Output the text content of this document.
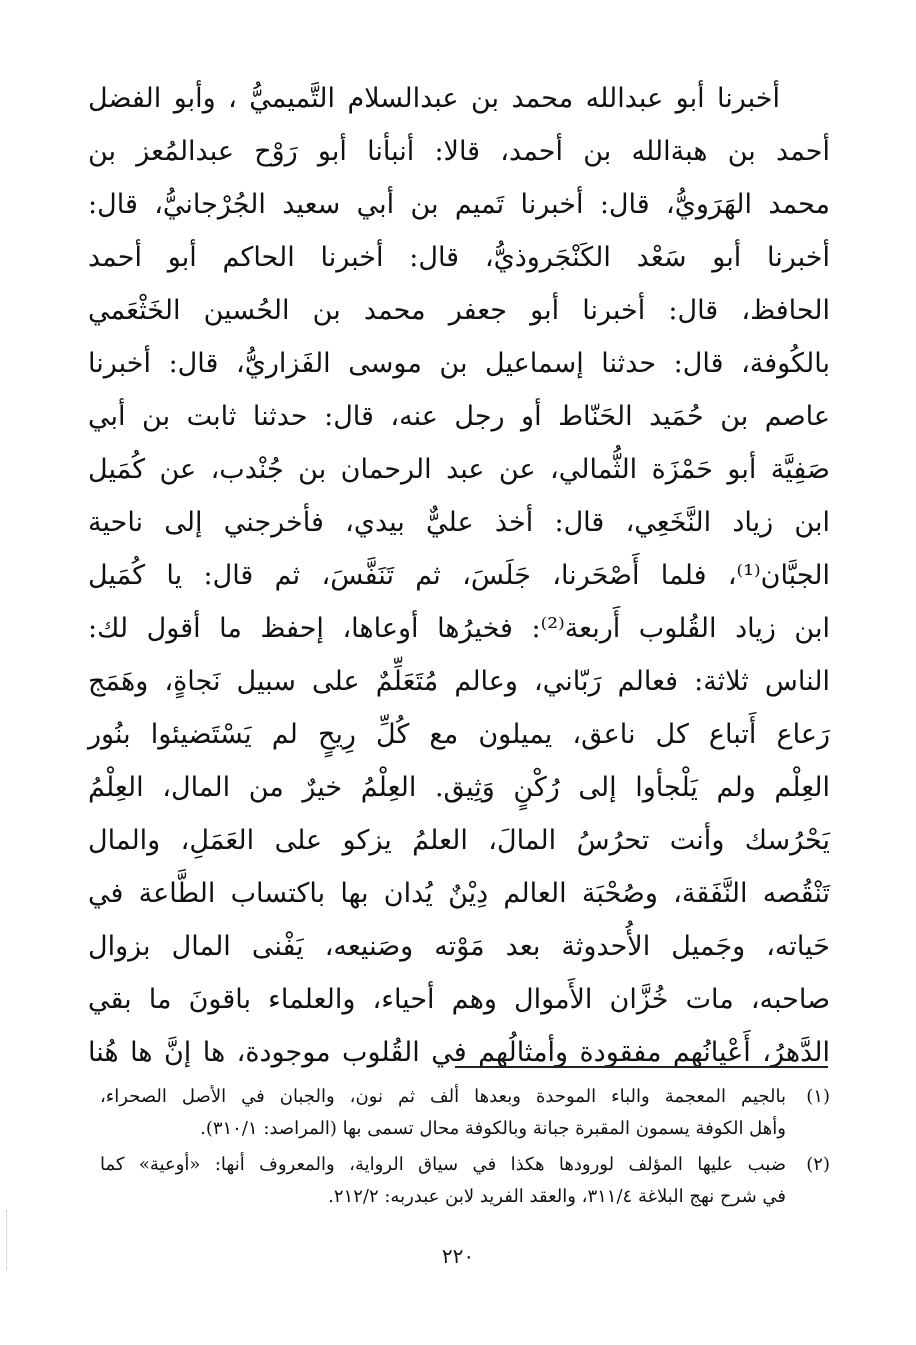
أخبرنا أبو عبدالله محمد بن عبدالسلام التَّميميُّ ، وأبو الفضل
أحمد بن هبةالله بن أحمد، قالا: أنبأنا أبو رَوْح عبدالمُعز بن
محمد الهَرَويُّ، قال: أخبرنا تَميم بن أبي سعيد الجُرْجانيُّ، قال:
أخبرنا أبو سَعْد الكَنْجَروذيُّ، قال: أخبرنا الحاكم أبو أحمد
الحافظ، قال: أخبرنا أبو جعفر محمد بن الحُسين الخَثْعَمي
بالكُوفة، قال: حدثنا إسماعيل بن موسى الفَزاريُّ، قال: أخبرنا
عاصم بن حُمَيد الحَنّاط أو رجل عنه، قال: حدثنا ثابت بن أبي
صَفِيَّة أبو حَمْزَة الثُّمالي، عن عبد الرحمان بن جُنْدب، عن كُمَيل
ابن زياد النَّخَعِي، قال: أخذ عليٌّ بيدي، فأخرجني إلى ناحية
الجبَّان⁽¹⁾، فلما أَصْحَرنا، جَلَسَ، ثم تَنَفَّسَ، ثم قال: يا كُمَيل
ابن زياد القُلوب أَربعة⁽²⁾: فخيرُها أوعاها، إحفظ ما أقول لك:
الناس ثلاثة: فعالم رَبّاني، وعالم مُتَعَلِّمٌ على سبيل نَجاةٍ، وهَمَج
رَعاع أَتباع كل ناعق، يميلون مع كُلِّ رِيحٍ لم يَسْتَضيئوا بنُور
العِلْم ولم يَلْجأوا إلى رُكْنٍ وَثِيق. العِلْمُ خيرٌ من المال، العِلْمُ
يَحْرُسك وأنت تحرُسُ المالَ، العلمُ يزكو على العَمَلِ، والمال
تَنْقُصه النَّفَقة، وصُحْبَة العالم دِيْنٌ يُدان بها باكتساب الطَّاعة في
حَياته، وجَميل الأُحدوثة بعد مَوْته وصَنيعه، يَفْنى المال بزوال
صاحبه، مات خُزَّان الأَموال وهم أحياء، والعلماء باقونَ ما بقي
الدَّهرُ، أَعْيانُهم مفقودة وأمثالُهم في القُلوب موجودة، ها إنَّ ها هُنا
(١)
بالجيم المعجمة والباء الموحدة وبعدها ألف ثم نون، والجبان في الأصل الصحراء،
وأهل الكوفة يسمون المقبرة جبانة وبالكوفة محال تسمى بها (المراصد: ٣١٠/١).
(٢)
ضبب عليها المؤلف لورودها هكذا في سياق الرواية، والمعروف أنها: «أوعية» كما
في شرح نهج البلاغة ٣١١/٤، والعقد الفريد لابن عبدربه: ٢١٢/٢.
٢٢٠
